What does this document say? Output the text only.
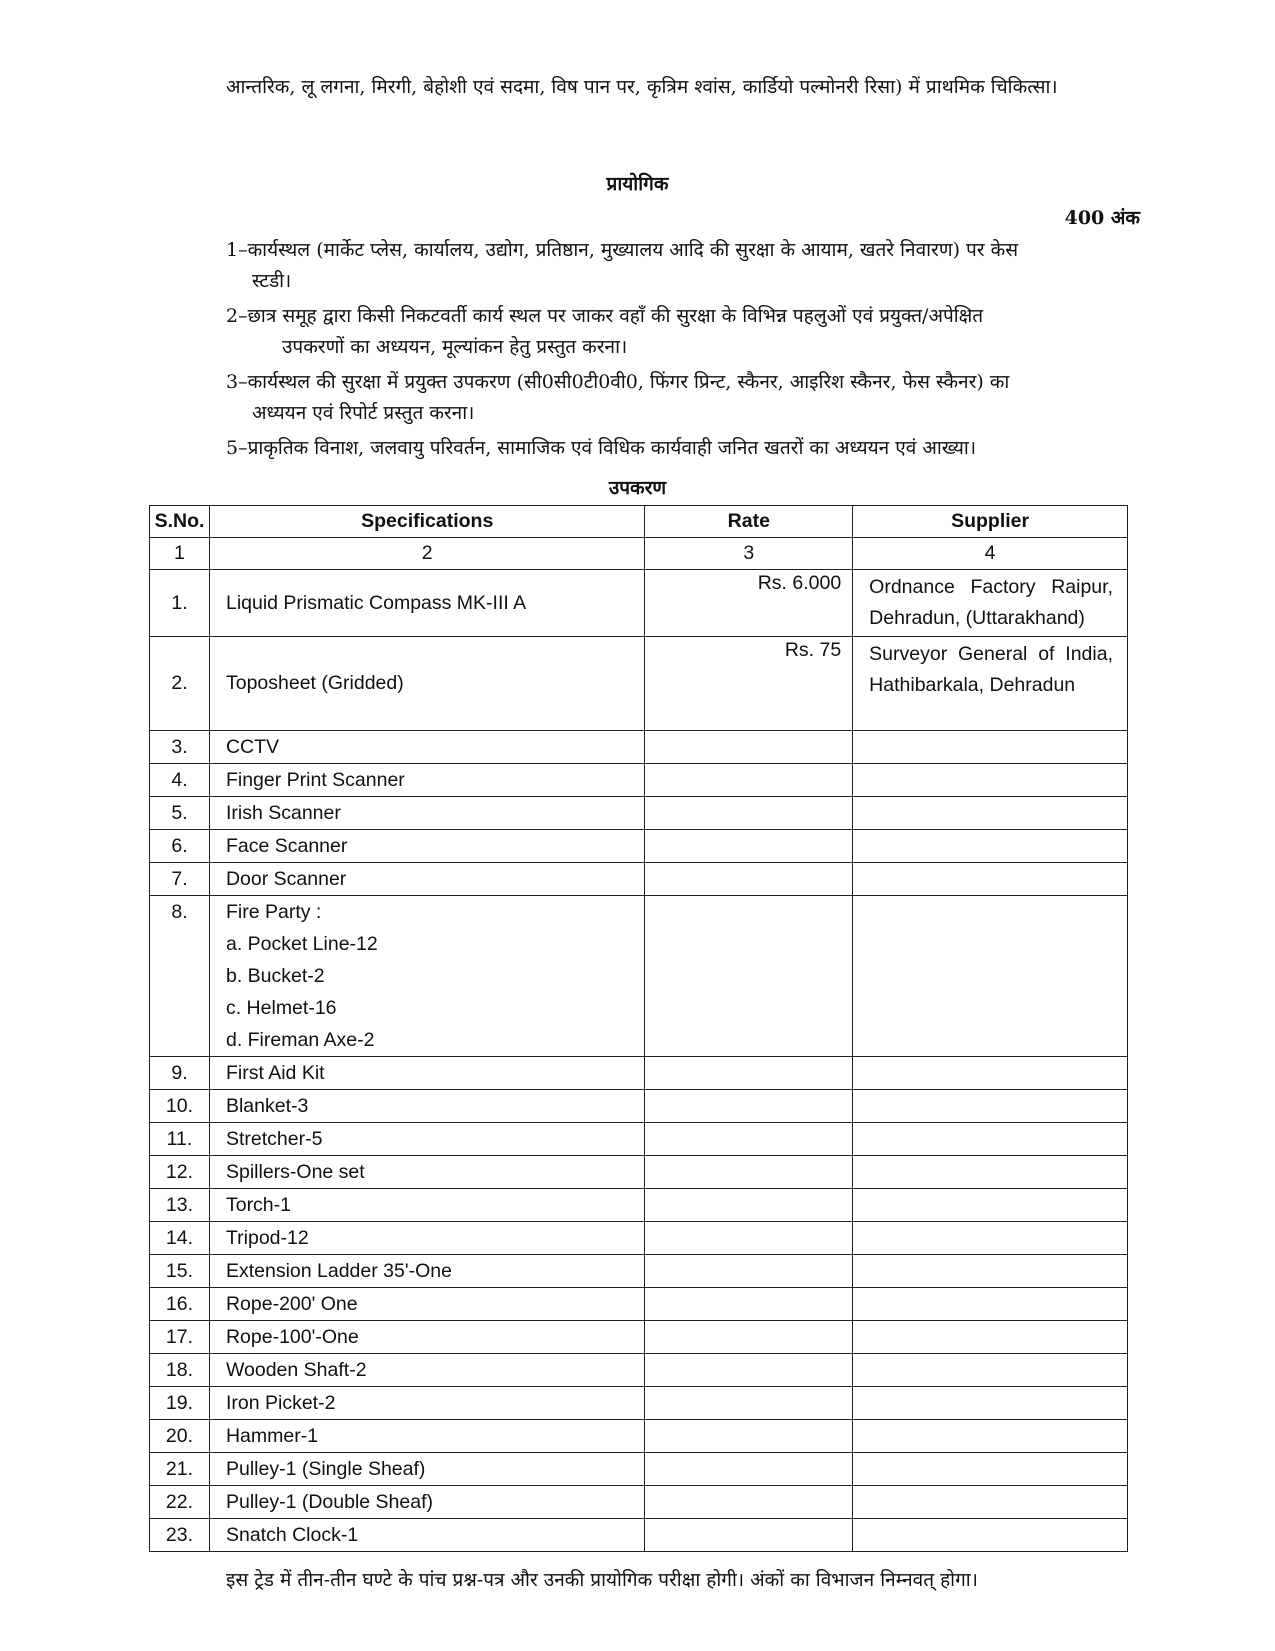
आन्तरिक, लू लगना, मिरगी, बेहोशी एवं सदमा, विष पान पर, कृत्रिम श्वांस, कार्डियो पल्मोनरी रिसा) में प्राथमिक चिकित्सा।
प्रायोगिक
400 अंक
1–कार्यस्थल (मार्केट प्लेस, कार्यालय, उद्योग, प्रतिष्ठान, मुख्यालय आदि की सुरक्षा के आयाम, खतरे निवारण) पर केस
स्टडी।
2–छात्र समूह द्वारा किसी निकटवर्ती कार्य स्थल पर जाकर वहाँ की सुरक्षा के विभिन्न पहलुओं एवं प्रयुक्त/अपेक्षित
उपकरणों का अध्ययन, मूल्यांकन हेतु प्रस्तुत करना।
3–कार्यस्थल की सुरक्षा में प्रयुक्त उपकरण (सी0सी0टी0वी0, फिंगर प्रिन्ट, स्कैनर, आइरिश स्कैनर, फेस स्कैनर) का
अध्ययन एवं रिपोर्ट प्रस्तुत करना।
5–प्राकृतिक विनाश, जलवायु परिवर्तन, सामाजिक एवं विधिक कार्यवाही जनित खतरों का अध्ययन एवं आख्या।
उपकरण
S.No.	Specifications	Rate	Supplier
1	2	3	4
1.	Liquid Prismatic Compass MK-III A	Rs. 6.000	Ordnance Factory Raipur, Dehradun, (Uttarakhand)
2.	Toposheet (Gridded)	Rs. 75	Surveyor General of India, Hathibarkala, Dehradun
3.	CCTV		
4.	Finger Print Scanner		
5.	Irish Scanner		
6.	Face Scanner		
7.	Door Scanner		

8.	Fire Party :
a. Pocket Line-12
b. Bucket-2
c. Helmet-16
d. Fireman Axe-2		

9.	First Aid Kit		
10.	Blanket-3		
11.	Stretcher-5		
12.	Spillers-One set		
13.	Torch-1		
14.	Tripod-12		
15.	Extension Ladder 35'-One		
16.	Rope-200' One		
17.	Rope-100'-One		
18.	Wooden Shaft-2		
19.	Iron Picket-2		
20.	Hammer-1		
21.	Pulley-1 (Single Sheaf)		
22.	Pulley-1 (Double Sheaf)		
23.	Snatch Clock-1		
इस ट्रेड में तीन-तीन घण्टे के पांच प्रश्न-पत्र और उनकी प्रायोगिक परीक्षा होगी। अंकों का विभाजन निम्नवत् होगा।
